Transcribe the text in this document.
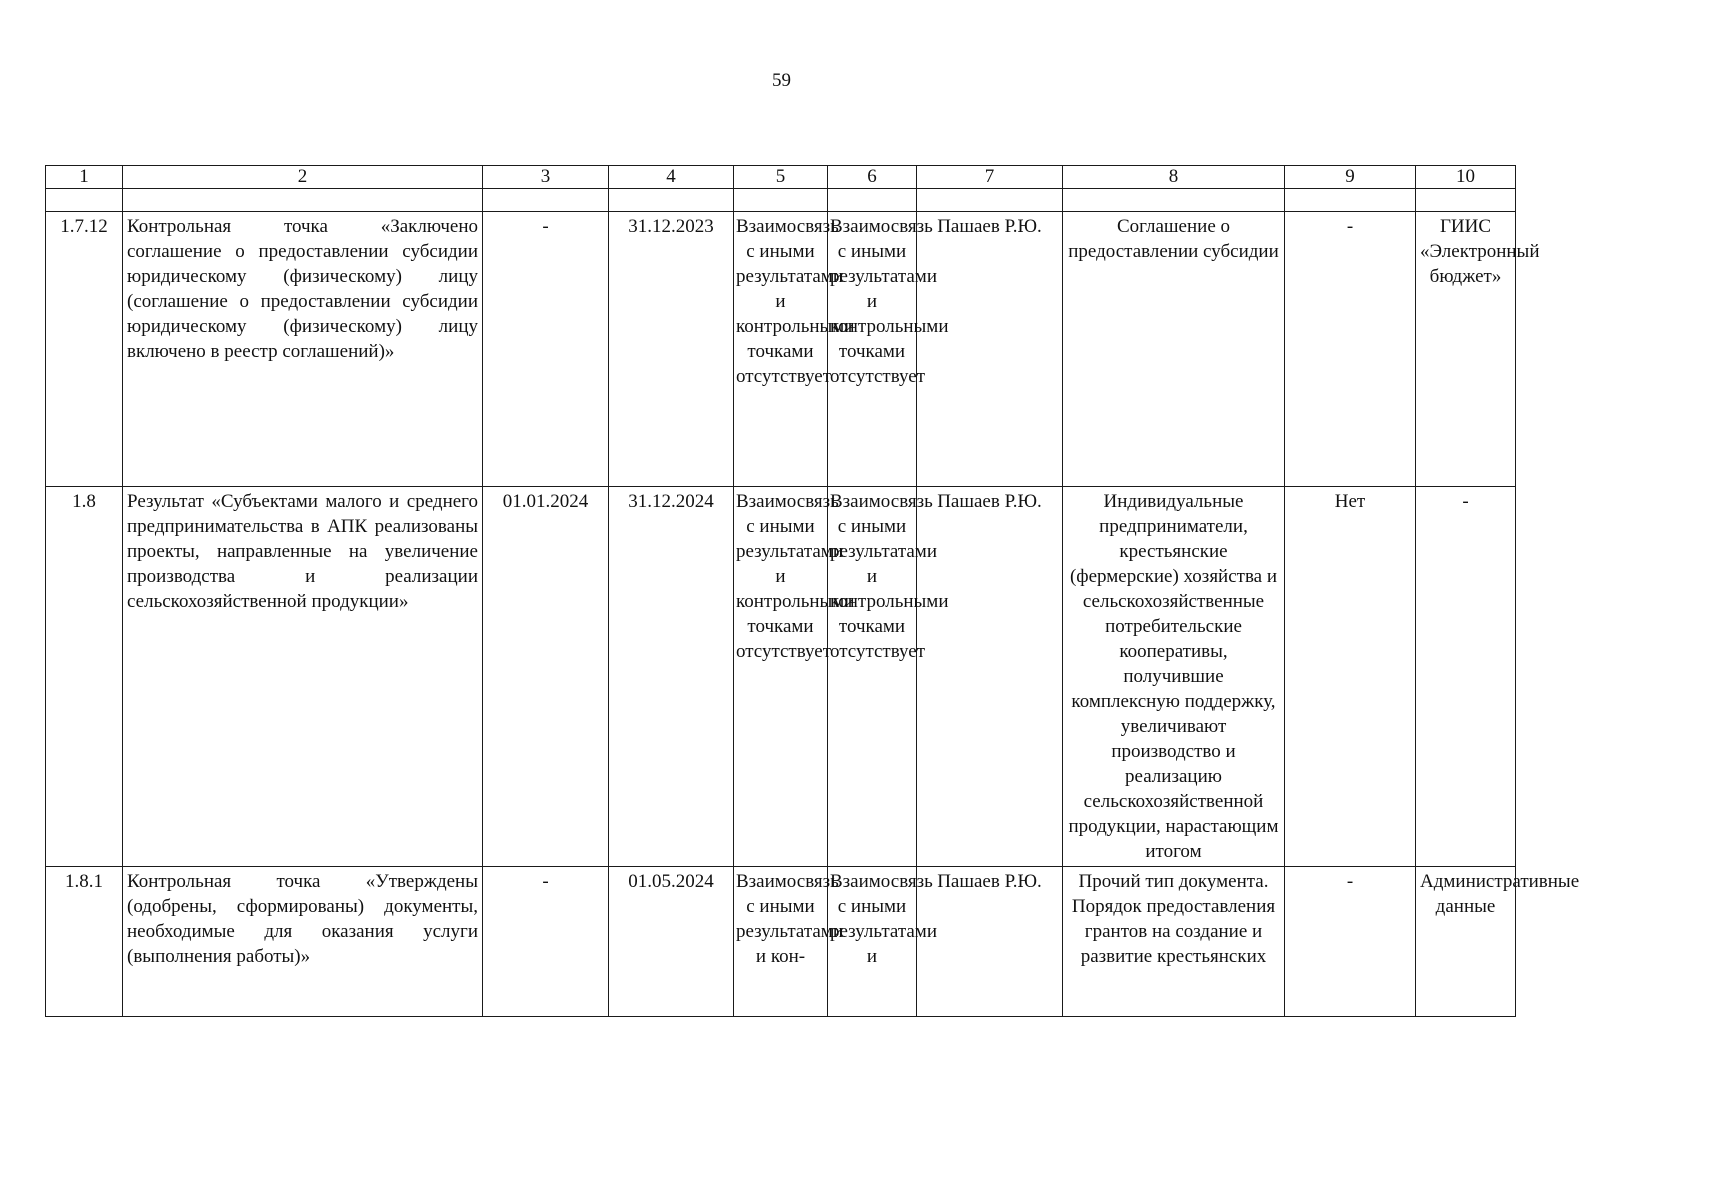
59
1	2	3	4	5	6	7	8	9	10

1.7.12	Контрольная точка «Заключено соглашение о предоставлении субсидии юридическому (физическому) лицу (соглашение о предоставлении субсидии юридическому (физическому) лицу включено в реестр соглашений)»	-	31.12.2023	Взаимосвязь с иными результатами и контрольными точками отсутствует	Взаимосвязь с иными результатами и контрольными точками отсутствует	Пашаев Р.Ю.	Соглашение о предоставлении субсидии	-	ГИИС «Электронный бюджет»
1.8	Результат «Субъектами малого и среднего предпринимательства в АПК реализованы проекты, направленные на увеличение производства и реализации сельскохозяйственной продукции»	01.01.2024	31.12.2024	Взаимосвязь с иными результатами и контрольными точками отсутствует	Взаимосвязь с иными результатами и контрольными точками отсутствует	Пашаев Р.Ю.	Индивидуальные предприниматели, крестьянские (фермерские) хозяйства и сельскохозяйственные потребительские кооперативы, получившие комплексную поддержку, увеличивают производство и реализацию сельскохозяйственной продукции, нарастающим итогом	Нет	-
1.8.1	Контрольная точка «Утверждены (одобрены, сформированы) документы, необходимые для оказания услуги (выполнения работы)»	-	01.05.2024	Взаимосвязь с иными результатами и кон-	Взаимосвязь с иными результатами и	Пашаев Р.Ю.	Прочий тип документа. Порядок предоставления грантов на создание и развитие крестьянских	-	Административные данные
